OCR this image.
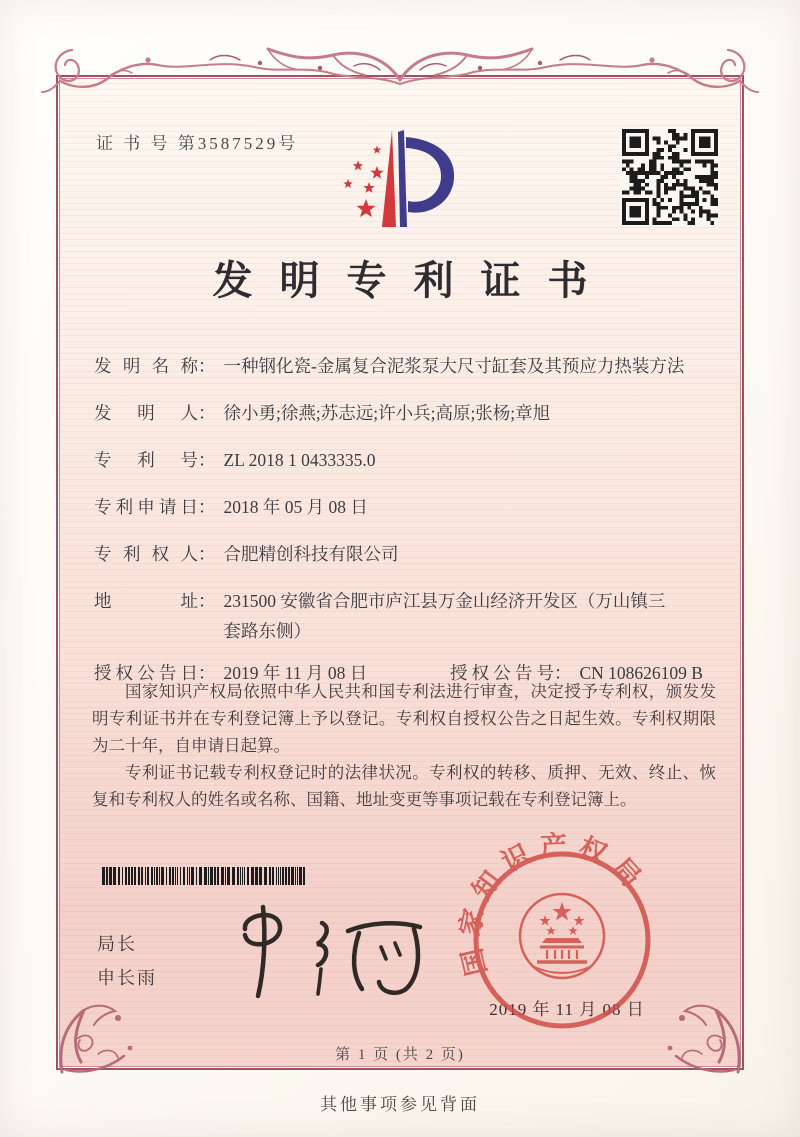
证 书 号 第3587529号
发明专利证书
发明名称 ： 一种钢化瓷-金属复合泥浆泵大尺寸缸套及其预应力热装方法
发明人 ： 徐小勇;徐燕;苏志远;许小兵;高原;张杨;章旭
专利号 ： ZL 2018 1 0433335.0
专利申请日 ： 2018 年 05 月 08 日
专利权人 ： 合肥精创科技有限公司
地址 ： 231500 安徽省合肥市庐江县万金山经济开发区（万山镇三套路东侧）
授权公告日 ： 2019 年 11 月 08 日	授权公告号 ： CN 108626109 B

国家知识产权局依照中华人民共和国专利法进行审查，决定授予专利权，颁发发明专利证书并在专利登记簿上予以登记。专利权自授权公告之日起生效。专利权期限为二十年，自申请日起算。

专利证书记载专利权登记时的法律状况。专利权的转移、质押、无效、终止、恢复和专利权人的姓名或名称、国籍、地址变更等事项记载在专利登记簿上。

局长
申长雨
2019 年 11 月 08 日
国家知识产权局
第 1 页 (共 2 页)
其他事项参见背面
